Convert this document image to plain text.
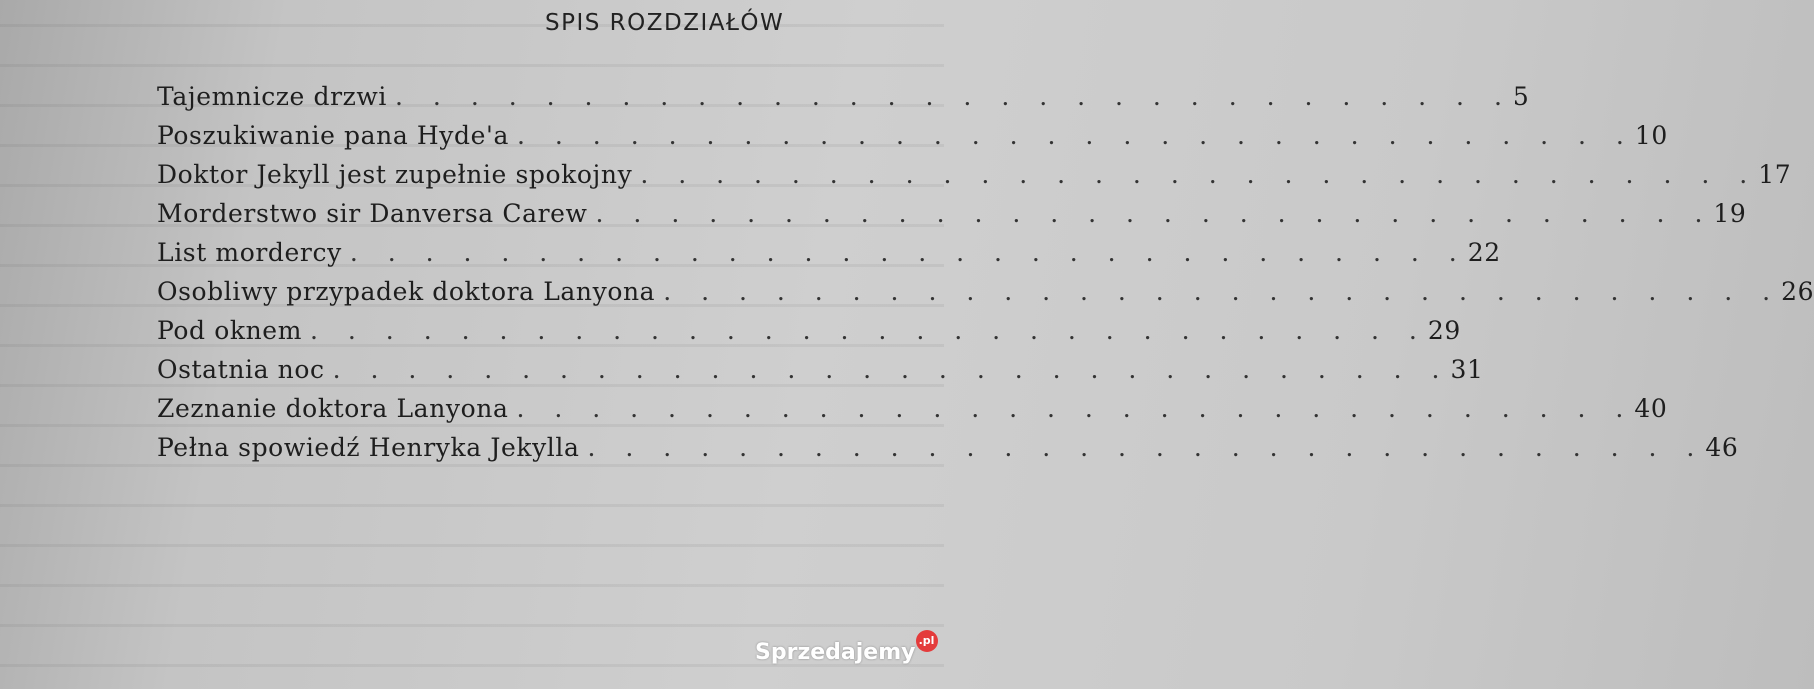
SPIS ROZDZIAŁÓW
Tajemnicze drzwi . . . . . . . . . . . . . . . . . . . . . . . . . . . . . . 5
Poszukiwanie pana Hyde'a . . . . . . . . . . . . . . . . . . . . . . . . . . . . . . 10
Doktor Jekyll jest zupełnie spokojny . . . . . . . . . . . . . . . . . . . . . . . . . . . . . . 17
Morderstwo sir Danversa Carew . . . . . . . . . . . . . . . . . . . . . . . . . . . . . . 19
List mordercy . . . . . . . . . . . . . . . . . . . . . . . . . . . . . . 22
Osobliwy przypadek doktora Lanyona . . . . . . . . . . . . . . . . . . . . . . . . . . . . . . 26
Pod oknem . . . . . . . . . . . . . . . . . . . . . . . . . . . . . . 29
Ostatnia noc . . . . . . . . . . . . . . . . . . . . . . . . . . . . . . 31
Zeznanie doktora Lanyona . . . . . . . . . . . . . . . . . . . . . . . . . . . . . . 40
Pełna spowiedź Henryka Jekylla . . . . . . . . . . . . . . . . . . . . . . . . . . . . . . 46
Sprzedajemy .pl
